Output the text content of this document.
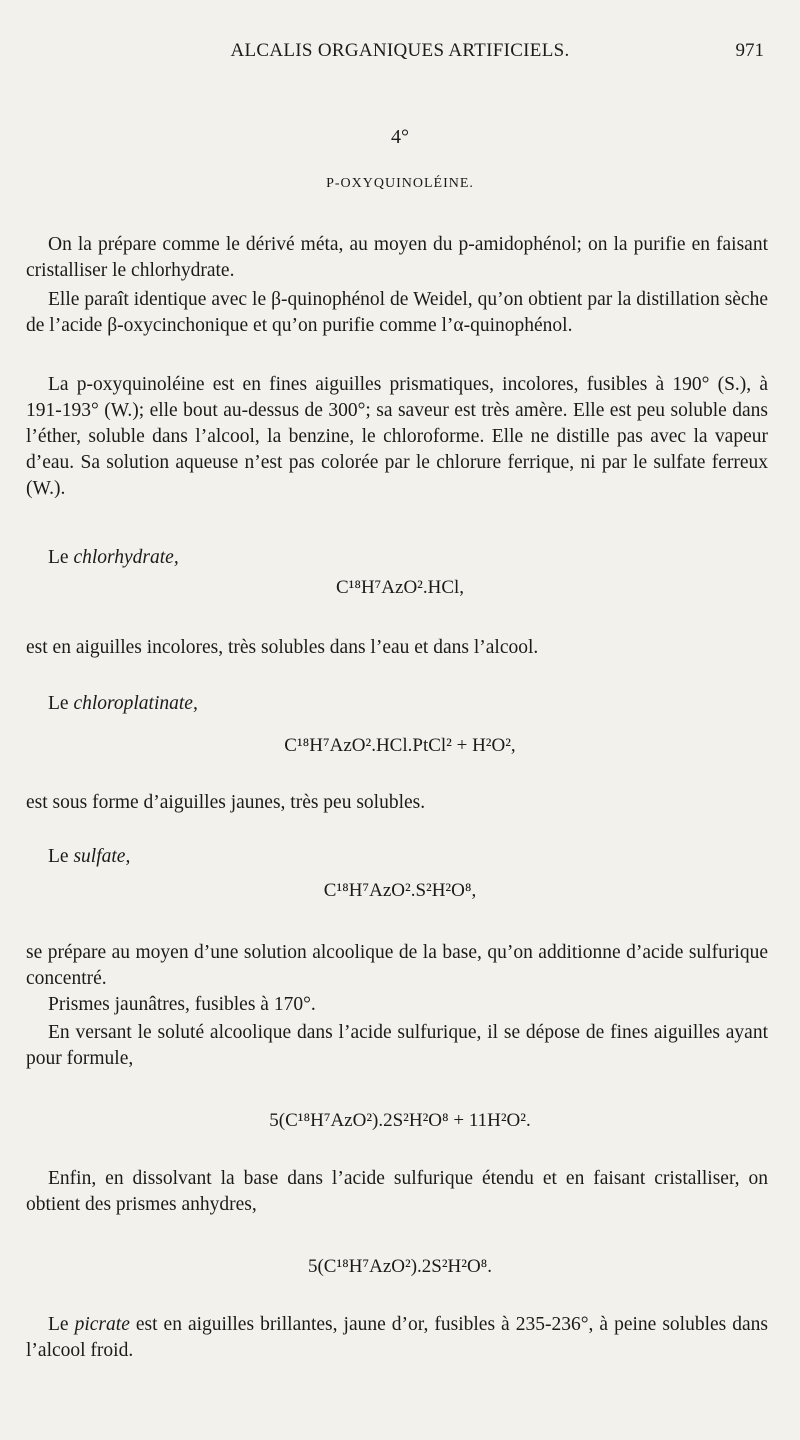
ALCALIS ORGANIQUES ARTIFICIELS.	971
4°
P-OXYQUINOLÉINE.

On la prépare comme le dérivé méta, au moyen du p-amidophénol; on la purifie en faisant cristalliser le chlorhydrate.

Elle paraît identique avec le β-quinophénol de Weidel, qu’on obtient par la distillation sèche de l’acide β-oxycinchonique et qu’on purifie comme l’α-quinophénol.

La p-oxyquinoléine est en fines aiguilles prismatiques, incolores, fusibles à 190° (S.), à 191-193° (W.); elle bout au-dessus de 300°; sa saveur est très amère. Elle est peu soluble dans l’éther, soluble dans l’alcool, la benzine, le chloroforme. Elle ne distille pas avec la vapeur d’eau. Sa solution aqueuse n’est pas colorée par le chlorure ferrique, ni par le sulfate ferreux (W.).

Le chlorhydrate,
C¹⁸H⁷AzO².HCl,

est en aiguilles incolores, très solubles dans l’eau et dans l’alcool.

Le chloroplatinate,
C¹⁸H⁷AzO².HCl.PtCl² + H²O²,

est sous forme d’aiguilles jaunes, très peu solubles.

Le sulfate,
C¹⁸H⁷AzO².S²H²O⁸,

se prépare au moyen d’une solution alcoolique de la base, qu’on additionne d’acide sulfurique concentré.

Prismes jaunâtres, fusibles à 170°.

En versant le soluté alcoolique dans l’acide sulfurique, il se dépose de fines aiguilles ayant pour formule,

5(C¹⁸H⁷AzO²).2S²H²O⁸ + 11H²O².

Enfin, en dissolvant la base dans l’acide sulfurique étendu et en faisant cristalliser, on obtient des prismes anhydres,

5(C¹⁸H⁷AzO²).2S²H²O⁸.

Le picrate est en aiguilles brillantes, jaune d’or, fusibles à 235-236°, à peine solubles dans l’alcool froid.
